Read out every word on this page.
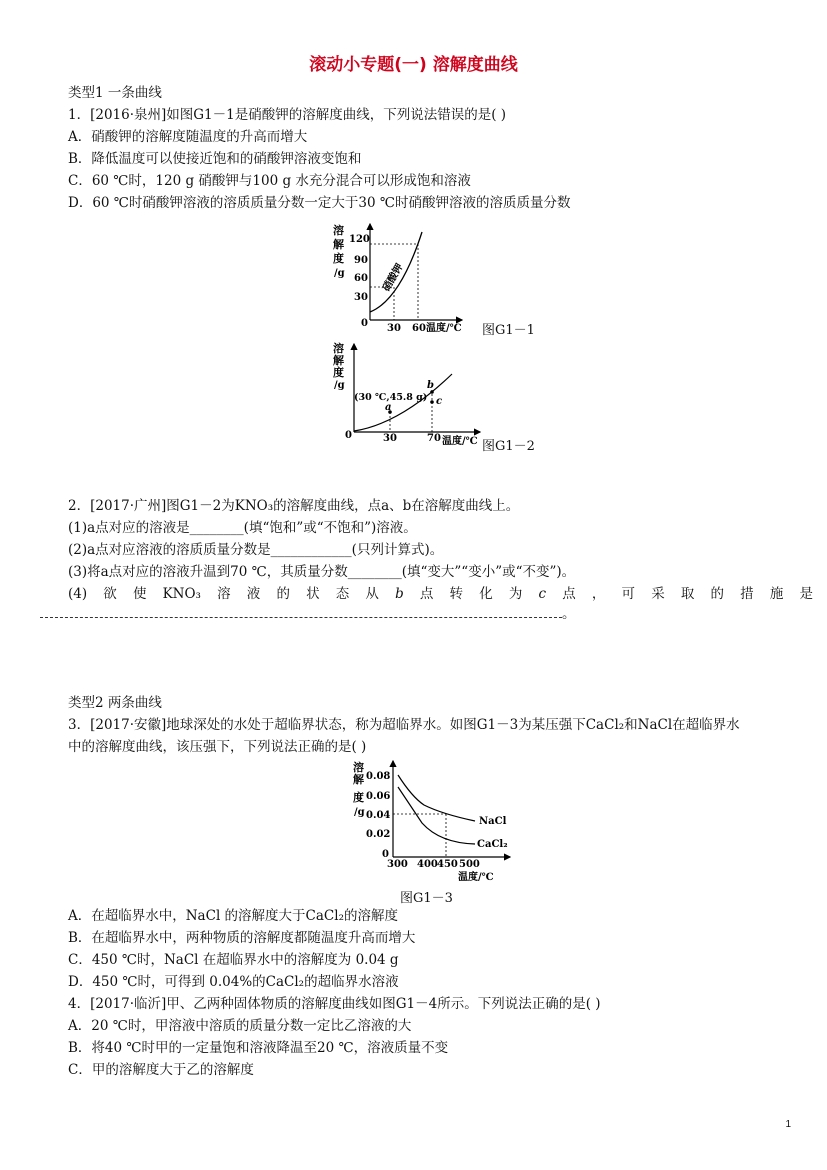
滚动小专题(一) 溶解度曲线
类型1 一条曲线
1．[2016·泉州]如图G1－1是硝酸钾的溶解度曲线，下列说法错误的是( )
A．硝酸钾的溶解度随温度的升高而增大
B．降低温度可以使接近饱和的硝酸钾溶液变饱和
C．60 ℃时，120 g 硝酸钾与100 g 水充分混合可以形成饱和溶液
D．60 ℃时硝酸钾溶液的溶质质量分数一定大于30 ℃时硝酸钾溶液的溶质质量分数
溶
解
度
/g
120
90
60
30
0 30 60 温度/℃
硝酸钾
图G1－1
溶
解
度
/g
0	30	70 温度/℃
a
b
c
(30 ℃,45.8 g)
图G1－2
2．[2017·广州]图G1－2为KNO₃的溶解度曲线，点a、b在溶解度曲线上。
(1)a点对应的溶液是________(填“饱和”或“不饱和”)溶液。
(2)a点对应溶液的溶质质量分数是____________(只列计算式)。
(3)将a点对应的溶液升温到70 ℃，其质量分数________(填“变大”“变小”或“不变”)。
(4) 欲 使 KNO₃ 溶 液 的 状 态 从 b 点 转 化 为 c 点 ， 可 采 取 的 措 施 是
。
类型2 两条曲线
3．[2017·安徽]地球深处的水处于超临界状态，称为超临界水。如图G1－3为某压强下CaCl₂和NaCl在超临界水
中的溶解度曲线，该压强下，下列说法正确的是( )
溶
解
度
/g
0.08
0.06
0.04
0.02
0
300 400 450 500
温度/℃
NaCl
CaCl₂
图G1－3
A．在超临界水中，NaCl 的溶解度大于CaCl₂的溶解度
B．在超临界水中，两种物质的溶解度都随温度升高而增大
C．450 ℃时，NaCl 在超临界水中的溶解度为 0.04 g
D．450 ℃时，可得到 0.04%的CaCl₂的超临界水溶液
4．[2017·临沂]甲、乙两种固体物质的溶解度曲线如图G1－4所示。下列说法正确的是( )
A．20 ℃时，甲溶液中溶质的质量分数一定比乙溶液的大
B．将40 ℃时甲的一定量饱和溶液降温至20 ℃，溶液质量不变
C．甲的溶解度大于乙的溶解度
1
